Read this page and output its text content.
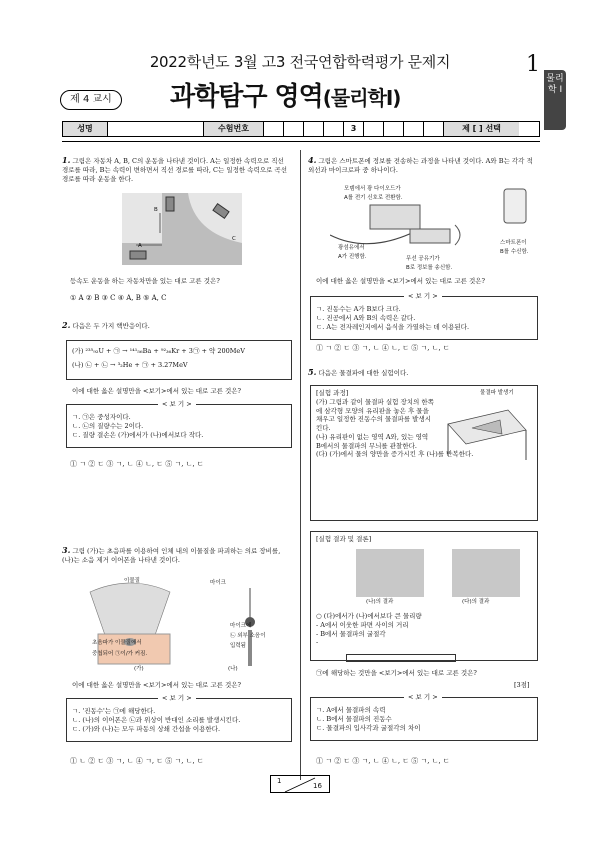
2022학년도 3월 고3 전국연합학력평가 문제지	1
물리학 I
제 4 교시	과학탐구 영역(물리학Ⅰ)
성명	수험번호	3	제 [ ] 선택
1. 그림은 자동차 A, B, C의 운동을 나타낸 것이다. A는 일정한 속력으로 직선 경로를 따라, B는 속력이 변하면서 직선 경로를 따라, C는 일정한 속력으로 곡선 경로를 따라 운동을 한다.
B
C
A
등속도 운동을 하는 자동차만을 있는 대로 고른 것은?
① A ② B ③ C ④ A, B ⑤ A, C
2. 다음은 두 가지 핵반응이다.
(가) ²³⁵₉₂U + ㉠ → ¹⁴¹₅₆Ba + ⁹²₃₆Kr + 3㉠ + 약 200MeV
(나) ㉡ + ㉡ → ³₂He + ㉠ + 3.27MeV
이에 대한 옳은 설명만을 <보기>에서 있는 대로 고른 것은?
ㄱ. ㉠은 중성자이다.
ㄴ. ㉡의 질량수는 2이다.
ㄷ. 질량 결손은 (가)에서가 (나)에서보다 작다.
< 보 기 >
① ㄱ ② ㄷ ③ ㄱ, ㄴ ④ ㄴ, ㄷ ⑤ ㄱ, ㄴ, ㄷ
3. 그림 (가)는 초음파를 이용하여 인체 내의 이물질을 파괴하는 의료 장비를, (나)는 소음 제거 이어폰을 나타낸 것이다.
이물질	마이크
초음파가 이물질에서
중첩되어 ㉠이/가 커짐.
마이크에
㉡ 외부 소음이
입력됨
(가)	(나)
이에 대한 옳은 설명만을 <보기>에서 있는 대로 고른 것은?
ㄱ. '진동수'는 ㉠에 해당한다.
ㄴ. (나)의 이어폰은 ㉡과 위상이 반대인 소리를 발생시킨다.
ㄷ. (가)와 (나)는 모두 파동의 상쇄 간섭을 이용한다.
< 보 기 >
① ㄴ ② ㄷ ③ ㄱ, ㄴ ④ ㄱ, ㄷ ⑤ ㄱ, ㄴ, ㄷ
4. 그림은 스마트폰에 정보를 전송하는 과정을 나타낸 것이다. A와 B는 각각 적외선과 마이크로파 중 하나이다.
모뎀에서 광 다이오드가
A를 전기 신호로 전환함.
광섬유에서
A가 진행함.	무선 공유기가
B로 정보를 송신함.
스마트폰이
B를 수신함.
이에 대한 옳은 설명만을 <보기>에서 있는 대로 고른 것은?
ㄱ. 진동수는 A가 B보다 크다.
ㄴ. 진공에서 A와 B의 속력은 같다.
ㄷ. A는 전자레인지에서 음식을 가열하는 데 이용된다.
< 보 기 >
① ㄱ ② ㄷ ③ ㄱ, ㄴ ④ ㄴ, ㄷ ⑤ ㄱ, ㄴ, ㄷ
5. 다음은 물결파에 대한 실험이다.
[실험 과정]
(가) 그림과 같이 물결파 실험 장치의 한쪽에 삼각형 모양의 유리판을 놓은 후 물을 채우고 일정한 진동수의 물결파를 발생시킨다.
(나) 유리판이 없는 영역 A와, 있는 영역 B에서의 물결파의 무늬를 관찰한다.
(다) (가)에서 물의 양만을 증가시킨 후 (나)를 반복한다.
물결파 발생기
[실험 결과 및 결론]
(나)의 결과	(다)의 결과
○ (다)에서가 (나)에서보다 큰 물리량
- A에서 이웃한 파면 사이의 거리
- B에서 물결파의 굴절각
-
㉠에 해당하는 것만을 <보기>에서 있는 대로 고른 것은?
[3점]
ㄱ. A에서 물결파의 속력
ㄴ. B에서 물결파의 진동수
ㄷ. 물결파의 입사각과 굴절각의 차이
< 보 기 >
① ㄱ ② ㄷ ③ ㄱ, ㄴ ④ ㄴ, ㄷ ⑤ ㄱ, ㄴ, ㄷ
1
16
